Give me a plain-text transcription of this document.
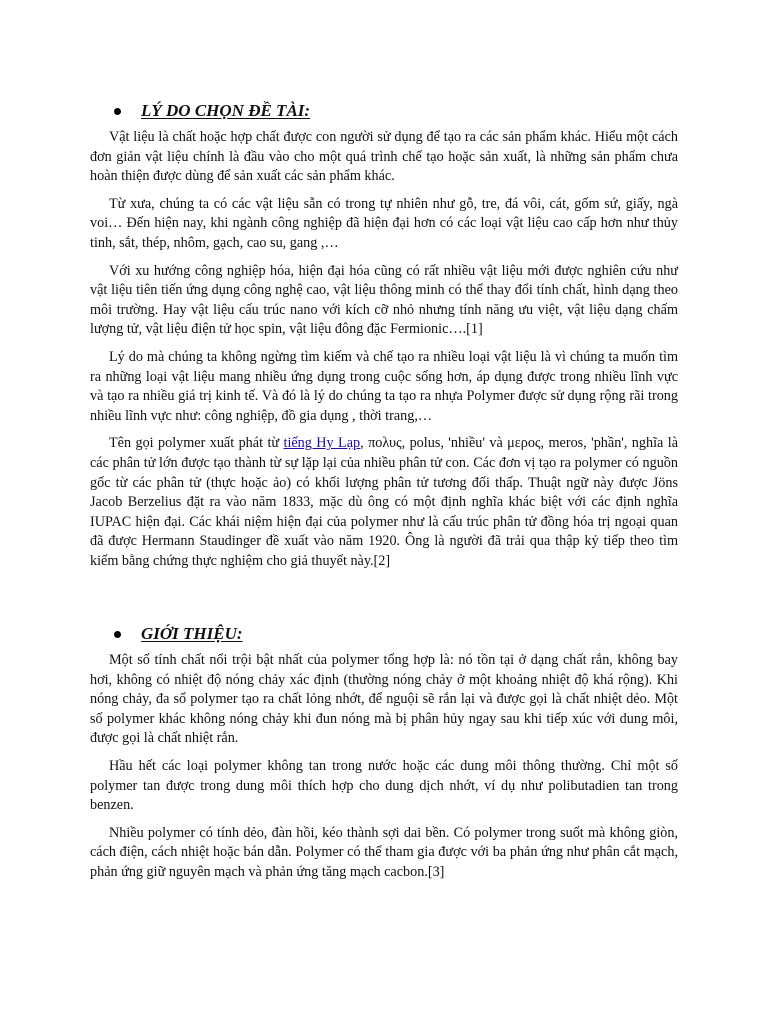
LÝ DO CHỌN ĐỀ TÀI:

Vật liệu là chất hoặc hợp chất được con người sử dụng để tạo ra các sản phẩm khác. Hiểu một cách đơn giản vật liệu chính là đầu vào cho một quá trình chế tạo hoặc sản xuất, là những sản phẩm chưa hoàn thiện được dùng để sản xuất các sản phẩm khác.

Từ xưa, chúng ta có các vật liệu sẵn có trong tự nhiên như gỗ, tre, đá vôi, cát, gốm sứ, giấy, ngà voi… Đến hiện nay, khi ngành công nghiệp đã hiện đại hơn có các loại vật liệu cao cấp hơn như thủy tinh, sắt, thép, nhôm, gạch, cao su, gang ,…

Với xu hướng công nghiệp hóa, hiện đại hóa cũng có rất nhiều vật liệu mới được nghiên cứu như vật liệu tiên tiến ứng dụng công nghệ cao, vật liệu thông minh có thể thay đổi tính chất, hình dạng theo môi trường. Hay vật liệu cấu trúc nano với kích cỡ nhỏ nhưng tính năng ưu việt, vật liệu dạng chấm lượng tử, vật liệu điện tử học spin, vật liệu đông đặc Fermionic….[1]

Lý do mà chúng ta không ngừng tìm kiếm và chế tạo ra nhiều loại vật liệu là vì chúng ta muốn tìm ra những loại vật liệu mang nhiều ứng dụng trong cuộc sống hơn, áp dụng được trong nhiều lĩnh vực và tạo ra nhiều giá trị kinh tế. Và đó là lý do chúng ta tạo ra nhựa Polymer được sử dụng rộng rãi trong nhiều lĩnh vực như: công nghiệp, đồ gia dụng , thời trang,…

Tên gọi polymer xuất phát từ tiếng Hy Lạp, πολυς, polus, 'nhiều' và μερος, meros, 'phần', nghĩa là các phân tử lớn được tạo thành từ sự lặp lại của nhiều phân tử con. Các đơn vị tạo ra polymer có nguồn gốc từ các phân tử (thực hoặc ảo) có khối lượng phân tử tương đối thấp. Thuật ngữ này được Jöns Jacob Berzelius đặt ra vào năm 1833, mặc dù ông có một định nghĩa khác biệt với các định nghĩa IUPAC hiện đại. Các khái niệm hiện đại của polymer như là cấu trúc phân tử đồng hóa trị ngoại quan đã được Hermann Staudinger đề xuất vào năm 1920. Ông là người đã trải qua thập kỷ tiếp theo tìm kiếm bằng chứng thực nghiệm cho giả thuyết này.[2]

GIỚI THIỆU:

Một số tính chất nổi trội bật nhất của polymer tổng hợp là: nó tồn tại ở dạng chất rắn, không bay hơi, không có nhiệt độ nóng chảy xác định (thường nóng chảy ở một khoảng nhiệt độ khá rộng). Khi nóng chảy, đa số polymer tạo ra chất lỏng nhớt, để nguội sẽ rắn lại và được gọi là chất nhiệt dẻo. Một số polymer khác không nóng chảy khi đun nóng mà bị phân hủy ngay sau khi tiếp xúc với dung môi, được gọi là chất nhiệt rắn.

Hầu hết các loại polymer không tan trong nước hoặc các dung môi thông thường. Chỉ một số polymer tan được trong dung môi thích hợp cho dung dịch nhớt, ví dụ như polibutadien tan trong benzen.

Nhiều polymer có tính dẻo, đàn hồi, kéo thành sợi dai bền. Có polymer trong suốt mà không giòn, cách điện, cách nhiệt hoặc bán dẫn. Polymer có thể tham gia được với ba phản ứng như phân cắt mạch, phản ứng giữ nguyên mạch và phản ứng tăng mạch cacbon.[3]
